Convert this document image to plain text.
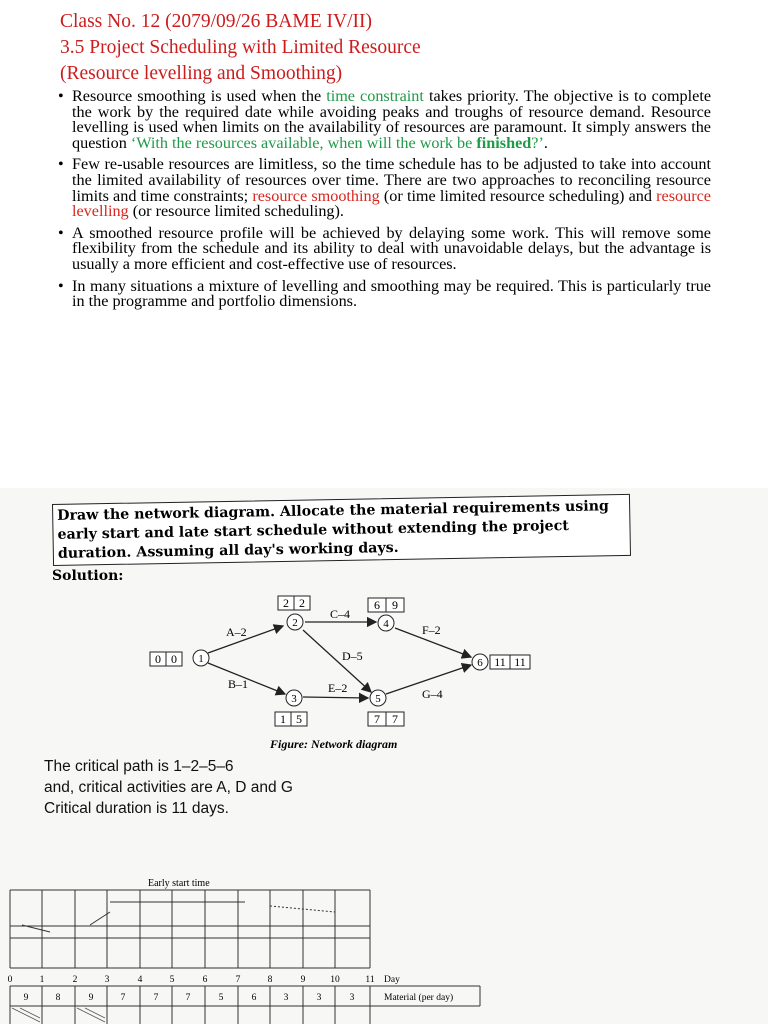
Class No. 12 (2079/09/26 BAME IV/II)
3.5 Project Scheduling with Limited Resource
(Resource levelling and Smoothing)
• Resource smoothing is used when the time constraint takes priority. The objective is to complete the work by the required date while avoiding peaks and troughs of resource demand. Resource levelling is used when limits on the availability of resources are paramount. It simply answers the question ‘With the resources available, when will the work be finished?’.
• Few re-usable resources are limitless, so the time schedule has to be adjusted to take into account the limited availability of resources over time. There are two approaches to reconciling resource limits and time constraints; resource smoothing (or time limited resource scheduling) and resource levelling (or resource limited scheduling).
• A smoothed resource profile will be achieved by delaying some work. This will remove some flexibility from the schedule and its ability to deal with unavoidable delays, but the advantage is usually a more efficient and cost-effective use of resources.
• In many situations a mixture of levelling and smoothing may be required. This is particularly true in the programme and portfolio dimensions.
Draw the network diagram. Allocate the material requirements using early start and late start schedule without extending the project duration. Assuming all day's working days.
Solution:
0 0 1
2 2
2
3
1 5
6 9
4
5
7 7
6 11 11
A–2
B–1
C–4
D–5
E–2
F–2
G–4
Figure: Network diagram
The critical path is 1–2–5–6
and, critical activities are A, D and G
Critical duration is 11 days.
Early start time
0	1	2	3	4	5	6	7	8	9	10	11 Day
9	8	9	7	7	7	5	6	3	3	3	Material (per day)
